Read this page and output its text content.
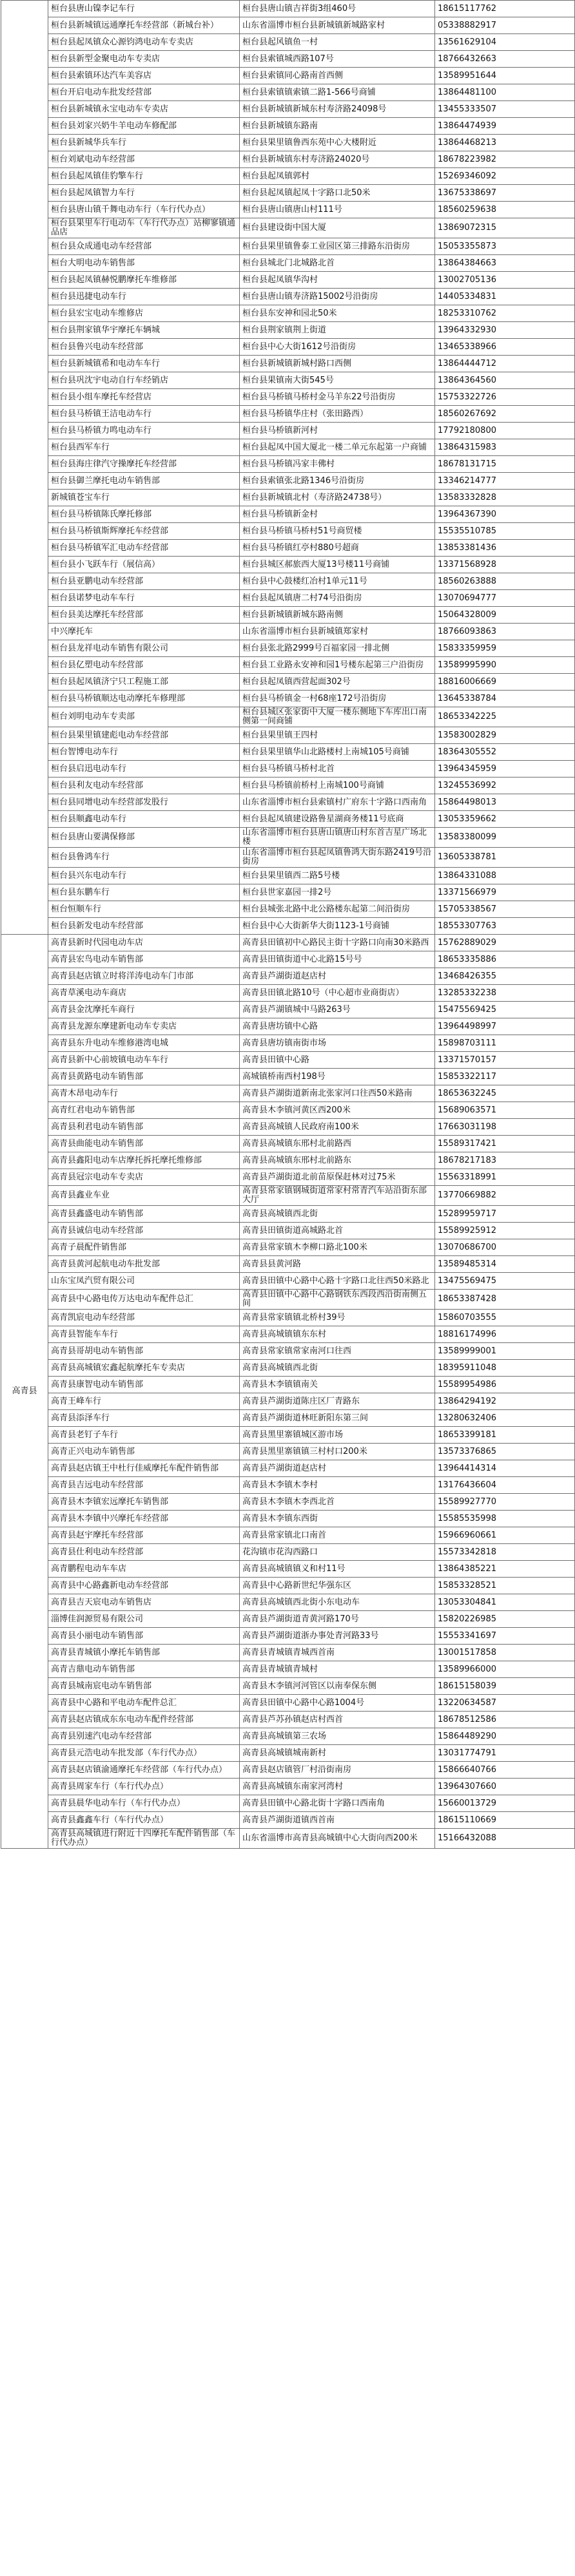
	桓台县唐山镍李记车行	桓台县唐山镇吉祥街3组460号	18615117762
	桓台县新城镇远通摩托车经营部（新城台补）	山东省淄博市桓台县新城镇新城路家村	05338882917
	桓台县起凤镇众心源钧鸿电动车专卖店	桓台县起风镇鱼一村	13561629104
	桓台县新型金聚电动车专卖店	桓台县索镇城西路107号	18766432663
	桓台县索镇环达汽车美容店	桓台县索镇同心路南首西侧	13589951644
	桓台开启电动车批发经营部	桓台县索镇镇索镇二路1-566号商铺	13864481100
	桓台县新城镇永宝电动车专卖店	桓台县新城镇新城东村寿济路24098号	13455333507
	桓台县刘家兴奶牛羊电动车修配部	桓台县新城镇东路南	13864474939
	桓台县新城华兵车行	桓台县果里镇鲁西东苑中心大楼附近	13864468213
	桓台刘斌电动车经营部	桓台县新城镇东村寿济路24020号	18678223982
	桓台县起凤镇佳豹擎车行	桓台县起凤镇郭村	15269346092
	桓台县起凤镇智力车行	桓台县起凤镇起凤十字路口北50米	13675338697
	桓台县唐山镇千舞电动车行（车行代办点）	桓台县唐山镇唐山村111号	18560259638
	桓台县果里车行电动车（车行代办点）站柳寥镇通品店	桓台县建设街中国大厦	13869072315
	桓台县众成通电动车经营部	桓台县果里镇鲁泰工业园区第三排路东沿街房	15053355873
	桓台大明电动车销售部	桓台县城北门北城路北首	13864384663
	桓台县起凤镇赫悦鹏摩托车维修部	桓台县起凤镇华沟村	13002705136
	桓台县迅捷电动车行	桓台县唐山镇寿济路15002号沿街房	14405334831
	桓台县宏宝电动车维修店	桓台县东安神和园北50米	18253310762
	桓台县荆家镇华宇摩托车辆城	桓台县荆家镇荆上街道	13964332930
	桓台县鲁兴电动车经营部	桓台县中心大街1612号沿街房	13465338966
	桓台县新城镇希和电动车车行	桓台县新城镇新城村路口西侧	13864444712
	桓台县巩沈宇电动自行车经销店	桓台县果镇南大街545号	13864364560
	桓台县小组车摩托车经营店	桓台县马桥镇马桥村金马羊东22号沿街房	15753322726
	桓台县马桥镇王洁电动车行	桓台县马桥镇华庄村（张田路西）	18560267692
	桓台县马桥镇力鸣电动车行	桓台县马桥镇新河村	17792180800
	桓台县西军车行	桓台县起凤中国大厦北一楼二单元东起第一户商铺	13864315983
	桓台县海庄律汽守操摩托车经营部	桓台县马桥镇冯家丰佛村	18678131715
	桓台县御兰摩托电动车销售部	桓台县索镇张北路1346号沿街房	13346214777
	新城镇苍宝车行	桓台县新城镇北村（寿济路24738号）	13583332828
	桓台县马桥镇陈氏摩托修部	桓台县马桥镇新金村	13964367390
	桓台县马桥镇斯辉摩托车经营部	桓台县马桥镇马桥村51号商贸楼	15535510785
	桓台县马桥镇军汇电动车经营部	桓台县马桥镇红亭村880号超商	13853381436
	桓台县小飞跃车行（展信高）	桓台县城区郝旅西大厦13号楼11号商铺	13371568928
	桓台县亚鹏电动车经营部	桓台县中心鼓楼红冶村1单元11号	18560263888
	桓台县诺梦电动车车行	桓台县起凤镇唐二村74号沿街房	13070694777
	桓台县美达摩托车经营部	桓台县新城镇新城东路南侧	15064328009
	中兴摩托车	山东省淄博市桓台县新城镇郑家村	18766093863
	桓台县龙祥电动车销售有限公司	桓台县张北路2999号百福家园一排北侧	15833359959
	桓台县亿塑电动车经营部	桓台县工业路永安神和园1号楼东起第三户沿街房	13589995990
	桓台县起凤镇济宁只工程施工部	桓台县起凤镇西营起面302号	18816006669
	桓台县马桥镇顺达电动摩托车修理部	桓台县马桥镇金一村68座172号沿街房	13645338784
	桓台刘明电动车专卖部	桓台县城区张家街中大厦一楼东侧地下车库出口南侧第一间商铺	18653342225
	桓台县果里镇建彪电动车经营部	桓台县果里镇王四村	13583002829
	桓台智博电动车行	桓台县果里镇华山北路楼村上南城105号商铺	18364305552
	桓台县启迅电动车行	桓台县马桥镇马桥村北首	13964345959
	桓台县利友电动车经营部	桓台县马桥镇前桥村上南城100号商铺	13245536992
	桓台县同增电动车经营部发股行	山东省淄博市桓台县索镇村广府东十字路口西南角	15864498013
	桓台县顺鑫电动车行	桓台县起凤镇建设路鲁星湖商务楼11号底商	13053359662
	桓台县唐山要满保修部	山东省淄博市桓台县唐山镇唐山村东首吉星广场北楼	13583380099
	桓台县鲁鸿车行	山东省淄博市桓台县起凤镇鲁鸿大街东路2419号沿街房	13605338781
	桓台县兴东电动车行	桓台县果里镇西二路5号楼	13864331088
	桓台县东鹏车行	桓台县世家嘉园一排2号	13371566979
	桓台恒顺车行	桓台县城张北路中北公路楼东起第二间沿街房	15705338567
	桓台县新发电动车经营部	桓台县中心大街新华大街1123-1号商铺	18553307763
高青县	高青县新时代园电动车店	高青县田镇初中心路民主街十字路口向南30米路西	15762889029
	高青县宏鸟电动车销售部	高青县田镇街道中心北路15号号	18653335886
	高青县赵店镇立时将洋涛电动车门市部	高青县芦湖街道赵店村	13468426355
	高青草溪电动车商店	高青县田镇北路10号（中心超市业商街店）	13285332238
	高青县金沈摩托车商行	高青县芦湖镇城中马路263号	15475569425
	高青县龙源东摩建新电动车专卖店	高青县唐坊镇中心路	13964498997
	高青县东升电动车维修港湾电城	高青县唐坊镇南街市场	15898703111
	高青县新中心前坡镇电动车车行	高青县田镇中心路	13371570157
	高青县黄路电动车销售部	高城镇桥南西村198号	15853322117
	高青木昂电动车行	高青县芦湖街道新南北张家河口往西50米路南	18653632245
	高青红君电动车销售部	高青县木李镇河黄区西200米	15689063571
	高青县利君电动车销售部	高青县高城镇人民政府南100米	17663031198
	高青县曲能电动车销售部	高青县高城镇东邢村北前路西	15589317421
	高青县鑫阳电动车店摩托拆托摩托维修部	高青县高城镇东邢村北前路东	18678217183
	高青县冠宗电动车专卖店	高青县芦湖街道北前苗原保赶林对过75米	15563318991
	高青县鑫业车业	高青县常家镇钢城街道常家村常青汽车站沿街东部大厅	13770669882
	高青县鑫盛电动车销售部	高青县高城镇西北街	15289959717
	高青县诚信电动车经营部	高青县田镇街道高城路北首	15589925912
	高青子晨配件销售部	高青县常家镇木李柳口路北100米	13070686700
	高青县黄河起航电动车批发部	高青县县黄河路	13589485314
	山东宝凤汽贸有限公司	高青县田镇中心路中心路十字路口北往西50米路北	13475569475
	高青县中心路电传万达电动车配件总汇	高青县田镇中心路中心路钢铁东西段西沿街南侧五间	18653387428
	高青凯宸电动车经营部	高青县常家镇镇北桥村39号	15860703555
	高青县智能车车行	高青县高城镇镇东东村	18816174996
	高青县哥胡电动车销售部	高青县常家镇常家南河口往西	13589999001
	高青县高城镇宏鑫起航摩托车专卖店	高青县高城镇西北街	18395911048
	高青县康智电动车销售部	高青县木李镇镇南关	15589954986
	高青王峰车行	高青县芦湖街道陈庄区厂青路东	13864294192
	高青县添泽车行	高青县芦湖街道林旺新阳东第三间	13280632406
	高青县老钉子车行	高青县黑里寨镇城区游市场	18653399181
	高青正兴电动车销售部	高青县黑里寨镇镇三村村口200米	13573376865
	高青县赵店镇王中杜行佳威摩托车配件销售部	高青县芦湖街道赵店村	13964414314
	高青县吉远电动车经营部	高青县木李镇木李村	13176436604
	高青县木李镇宏远摩托车销售部	高青县木李镇木李西北首	15589927770
	高青县木李镇中兴摩托车经营部	高青县木李镇东西街	15585535998
	高青县赵宇摩托车经营部	高青县常家镇北口南首	15966960661
	高青县仕利电动车经营部	花沟镇市花沟西路口	15573342818
	高青鹏程电动车车店	高青县高城镇镇义和村11号	13864385221
	高青县中心路鑫新电动车经营部	高青县中心路新世纪华强东区	15853328521
	高青县吉天宸电动车销售店	高青县高城镇西北街小东电动车	13053304841
	淄博佳润源贸易有限公司	高青县芦湖街道青黄河路170号	15820226985
	高青县小丽电动车销售部	高青县芦湖街道浙办事处青河路33号	15553341697
	高青县青城镇小摩托车销售部	高青县青城镇青城西首南	13001517858
	高青吉鼎电动车销售部	高青县青城镇青城村	13589966000
	高青县城南宸电动车销售部	高青县木李镇河河管区以南奉保东侧	18615158039
	高青县中心路和平电动车配件总汇	高青县田镇中心路中心路1004号	13220634587
	高青县赵店镇成东东电动车配件经营部	高青县芦苏孙镇赵店村西首	18678512586
	高青县别速汽电动车经营部	高青县高城镇第三农场	15864489290
	高青县元浩电动车批发部（车行代办点）	高青县高城镇城南新村	13031774791
	高青县赵店镇渝通摩托车经营部（车行代办点）	高青县赵店镇管厂村沿街南房	15866640766
	高青县周家车行（车行代办点）	高青县高城镇东南家河湾村	13964307660
	高青县晨华电动车行（车行代办点）	高青县田镇中心路北街十字路口西南角	15660013729
	高青县鑫鑫车行（车行代办点）	高青县芦湖街道镇西首南	18615110669
	高青县高城镇进行附近十四摩托车配件销售部（车行代办点）	山东省淄博市高青县高城镇中心大街向西200米	15166432088
